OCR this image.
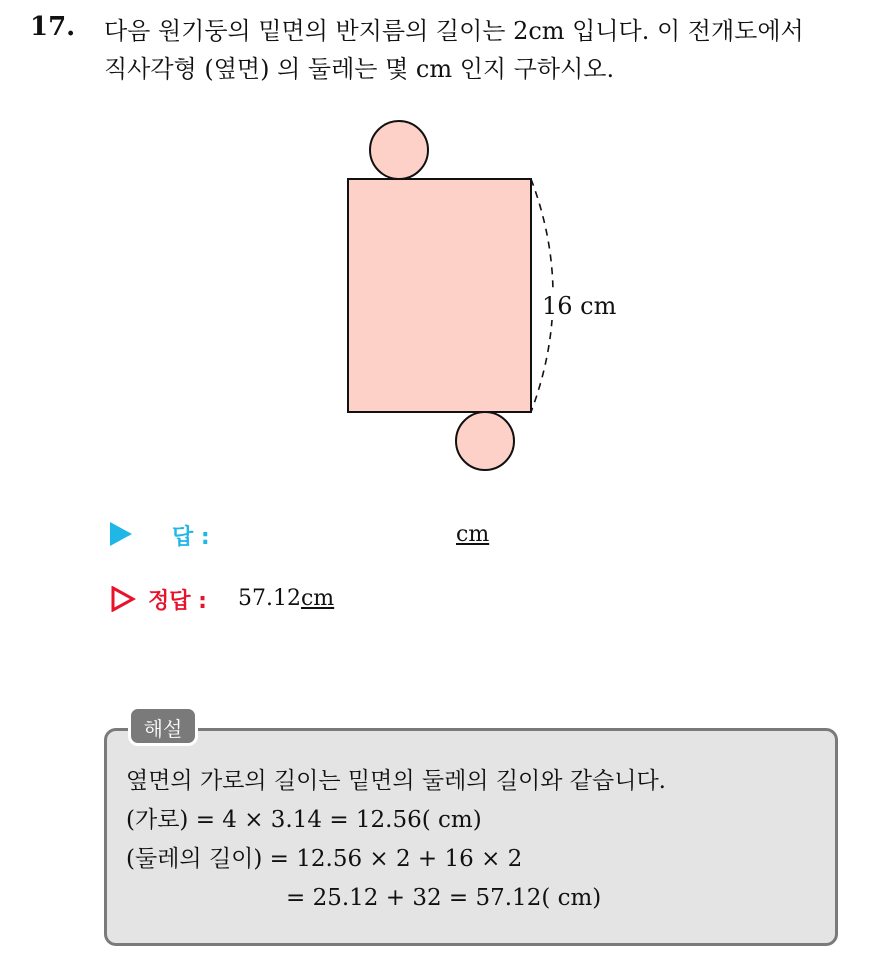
17. 다음 원기둥의 밑면의 반지름의 길이는 2cm 입니다. 이 전개도에서
직사각형 (옆면) 의 둘레는 몇 cm 인지 구하시오.
16 cm
답 :	cm
정답 : 57.12cm
해설
옆면의 가로의 길이는 밑면의 둘레의 길이와 같습니다.
(가로) = 4 × 3.14 = 12.56( cm)
(둘레의 길이) = 12.56 × 2 + 16 × 2
= 25.12 + 32 = 57.12( cm)
